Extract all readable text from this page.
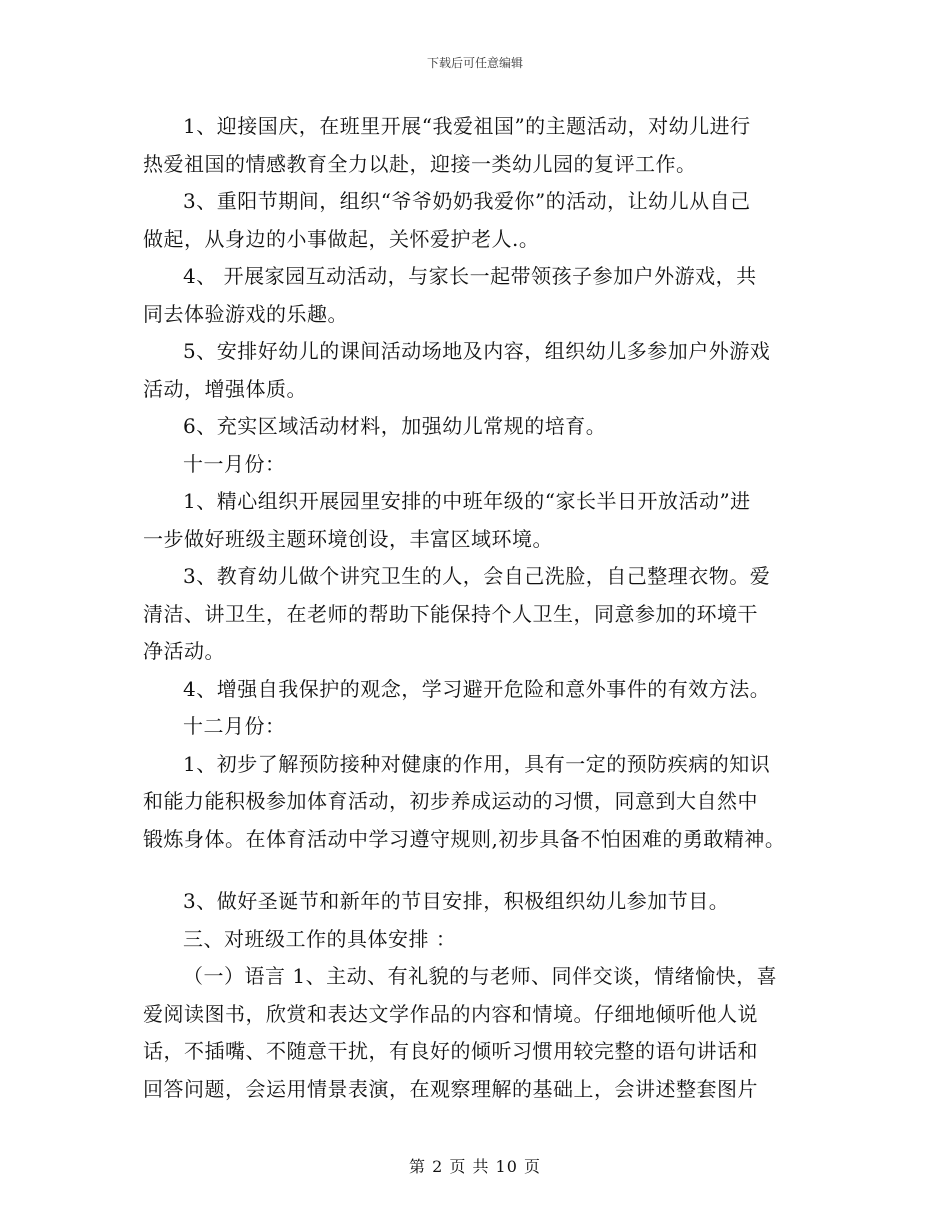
下载后可任意编辑

1、迎接国庆，在班里开展“我爱祖国”的主题活动，对幼儿进行
热爱祖国的情感教育全力以赴，迎接一类幼儿园的复评工作。

3、重阳节期间，组织“爷爷奶奶我爱你”的活动，让幼儿从自己
做起，从身边的小事做起，关怀爱护老人.。

4、 开展家园互动活动，与家长一起带领孩子参加户外游戏，共
同去体验游戏的乐趣。

5、安排好幼儿的课间活动场地及内容，组织幼儿多参加户外游戏
活动，增强体质。

6、充实区域活动材料，加强幼儿常规的培育。

十一月份：

1、精心组织开展园里安排的中班年级的“家长半日开放活动”进
一步做好班级主题环境创设，丰富区域环境。

3、教育幼儿做个讲究卫生的人，会自己洗脸，自己整理衣物。爱
清洁、讲卫生，在老师的帮助下能保持个人卫生，同意参加的环境干
净活动。

4、增强自我保护的观念，学习避开危险和意外事件的有效方法。

十二月份：

1、初步了解预防接种对健康的作用，具有一定的预防疾病的知识
和能力能积极参加体育活动，初步养成运动的习惯，同意到大自然中
锻炼身体。在体育活动中学习遵守规则,初步具备不怕困难的勇敢精神。

3、做好圣诞节和新年的节目安排，积极组织幼儿参加节目。

三、对班级工作的具体安排 ：

（一）语言 1、主动、有礼貌的与老师、同伴交谈，情绪愉快，喜
爱阅读图书，欣赏和表达文学作品的内容和情境。仔细地倾听他人说
话，不插嘴、不随意干扰，有良好的倾听习惯用较完整的语句讲话和
回答问题，会运用情景表演，在观察理解的基础上，会讲述整套图片

第 2 页 共 10 页
